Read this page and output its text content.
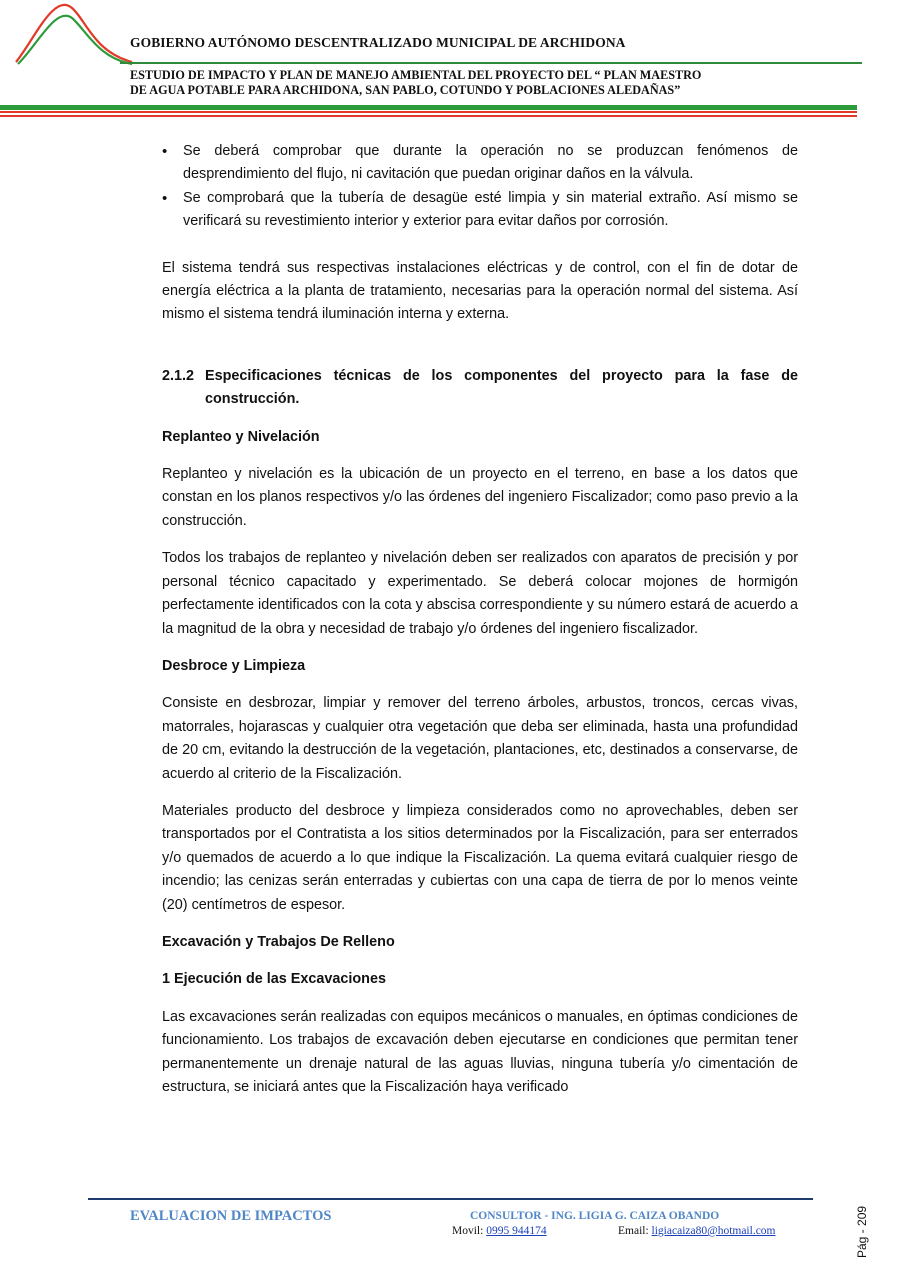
GOBIERNO AUTÓNOMO DESCENTRALIZADO MUNICIPAL DE ARCHIDONA
ESTUDIO DE IMPACTO Y PLAN DE MANEJO AMBIENTAL DEL PROYECTO DEL “ PLAN MAESTRO
DE AGUA POTABLE PARA ARCHIDONA, SAN PABLO, COTUNDO Y POBLACIONES ALEDAÑAS”
• Se deberá comprobar que durante la operación no se produzcan fenómenos de desprendimiento del flujo, ni cavitación que puedan originar daños en la válvula.
• Se comprobará que la tubería de desagüe esté limpia y sin material extraño. Así mismo se verificará su revestimiento interior y exterior para evitar daños por corrosión.

El sistema tendrá sus respectivas instalaciones eléctricas y de control, con el fin de dotar de energía eléctrica a la planta de tratamiento, necesarias para la operación normal del sistema. Así mismo el sistema tendrá iluminación interna y externa.

2.1.2 Especificaciones técnicas de los componentes del proyecto para la fase de
construcción.

Replanteo y Nivelación

Replanteo y nivelación es la ubicación de un proyecto en el terreno, en base a los datos que constan en los planos respectivos y/o las órdenes del ingeniero Fiscalizador; como paso previo a la construcción.

Todos los trabajos de replanteo y nivelación deben ser realizados con aparatos de precisión y por personal técnico capacitado y experimentado. Se deberá colocar mojones de hormigón perfectamente identificados con la cota y abscisa correspondiente y su número estará de acuerdo a la magnitud de la obra y necesidad de trabajo y/o órdenes del ingeniero fiscalizador.

Desbroce y Limpieza

Consiste en desbrozar, limpiar y remover del terreno árboles, arbustos, troncos, cercas vivas, matorrales, hojarascas y cualquier otra vegetación que deba ser eliminada, hasta una profundidad de 20 cm, evitando la destrucción de la vegetación, plantaciones, etc, destinados a conservarse, de acuerdo al criterio de la Fiscalización.

Materiales producto del desbroce y limpieza considerados como no aprovechables, deben ser transportados por el Contratista a los sitios determinados por la Fiscalización, para ser enterrados y/o quemados de acuerdo a lo que indique la Fiscalización. La quema evitará cualquier riesgo de incendio; las cenizas serán enterradas y cubiertas con una capa de tierra de por lo menos veinte (20) centímetros de espesor.

Excavación y Trabajos De Relleno

1 Ejecución de las Excavaciones

Las excavaciones serán realizadas con equipos mecánicos o manuales, en óptimas condiciones de funcionamiento. Los trabajos de excavación deben ejecutarse en condiciones que permitan tener permanentemente un drenaje natural de las aguas lluvias, ninguna tubería y/o cimentación de estructura, se iniciará antes que la Fiscalización haya verificado

EVALUACION DE IMPACTOS	CONSULTOR - ING. LIGIA G. CAIZA OBANDO
Movil: 0995 944174	Email: ligiacaiza80@hotmail.com	Pág - 209
